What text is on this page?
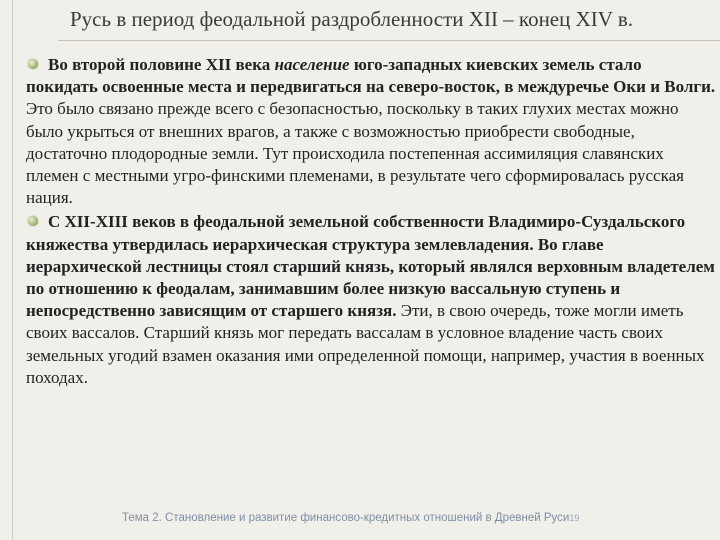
Русь в период феодальной раздробленности XII – конец XIV в.

Во второй половине XII века население юго-западных киевских земель стало покидать освоенные места и передвигаться на северо-восток, в междуречье Оки и Волги. Это было связано прежде всего с безопасностью, поскольку в таких глухих местах можно было укрыться от внешних врагов, а также с возможностью приобрести свободные, достаточно плодородные земли. Тут происходила постепенная ассимиляция славянских племен с местными угро-финскими племенами, в результате чего сформировалась русская нация.

С XII-XIII веков в феодальной земельной собственности Владимиро-Суздальского княжества утвердилась иерархическая структура землевладения. Во главе иерархической лестницы стоял старший князь, который являлся верховным владетелем по отношению к феодалам, занимавшим более низкую вассальную ступень и непосредственно зависящим от старшего князя. Эти, в свою очередь, тоже могли иметь своих вассалов. Старший князь мог передать вассалам в условное владение часть своих земельных угодий взамен оказания ими определенной помощи, например, участия в военных походах.

Тема 2. Становление и развитие финансово-кредитных отношений в Древней Руси19
